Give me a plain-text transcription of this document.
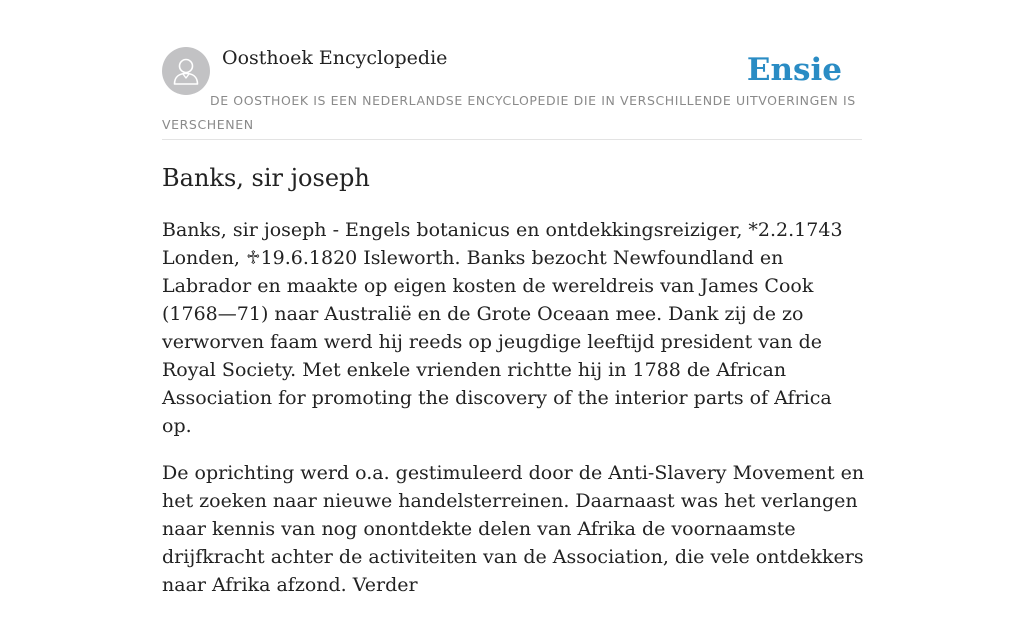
Oosthoek Encyclopedie	Ensie
DE OOSTHOEK IS EEN NEDERLANDSE ENCYCLOPEDIE DIE IN VERSCHILLENDE UITVOERINGEN IS VERSCHENEN
Banks, sir joseph

Banks, sir joseph - Engels botanicus en ontdekkingsreiziger, *2.2.1743 Londen, ♱19.6.1820 Isleworth. Banks bezocht Newfoundland en Labrador en maakte op eigen kosten de wereldreis van James Cook (1768—71) naar Australië en de Grote Oceaan mee. Dank zij de zo verworven faam werd hij reeds op jeugdige leeftijd president van de Royal Society. Met enkele vrienden richtte hij in 1788 de African Association for promoting the discovery of the interior parts of Africa op.

De oprichting werd o.a. gestimuleerd door de Anti-Slavery Movement en het zoeken naar nieuwe handelsterreinen. Daarnaast was het verlangen naar kennis van nog onontdekte delen van Afrika de voornaamste drijfkracht achter de activiteiten van de Association, die vele ontdekkers naar Afrika afzond. Verder
